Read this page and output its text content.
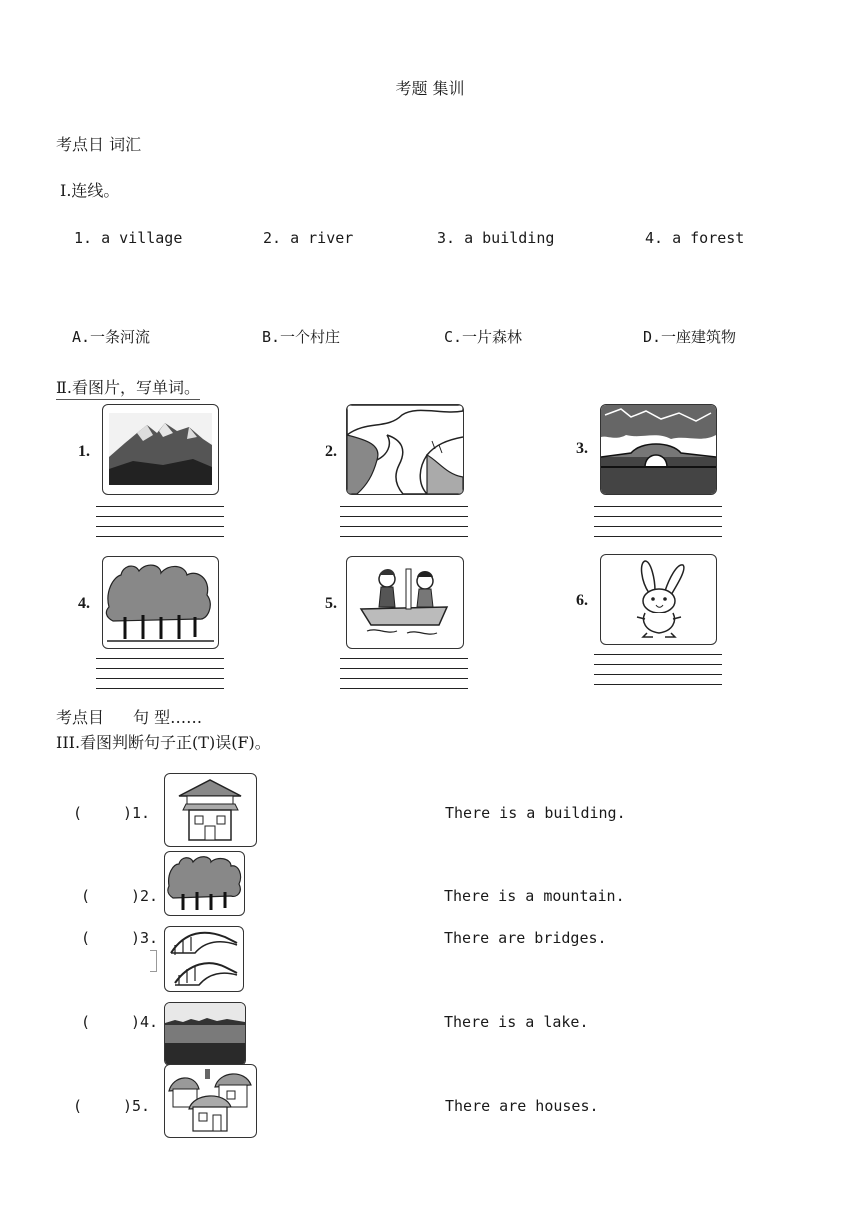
考题 集训
考点日 词汇
Ⅰ.连线。
1. a village	2. a river	3. a building	4. a forest
A.一条河流	B.一个村庄	C.一片森林	D.一座建筑物
Ⅱ.看图片，写单词。
1.	2.	3.
4.	5.	6.
考点目 句 型……
III.看图判断句子正(T)误(F)。
(	)1.	There is a building.
(	)2.	There is a mountain.
(	)3.	There are bridges.
(	)4.	There is a lake.
(	)5.	There are houses.
